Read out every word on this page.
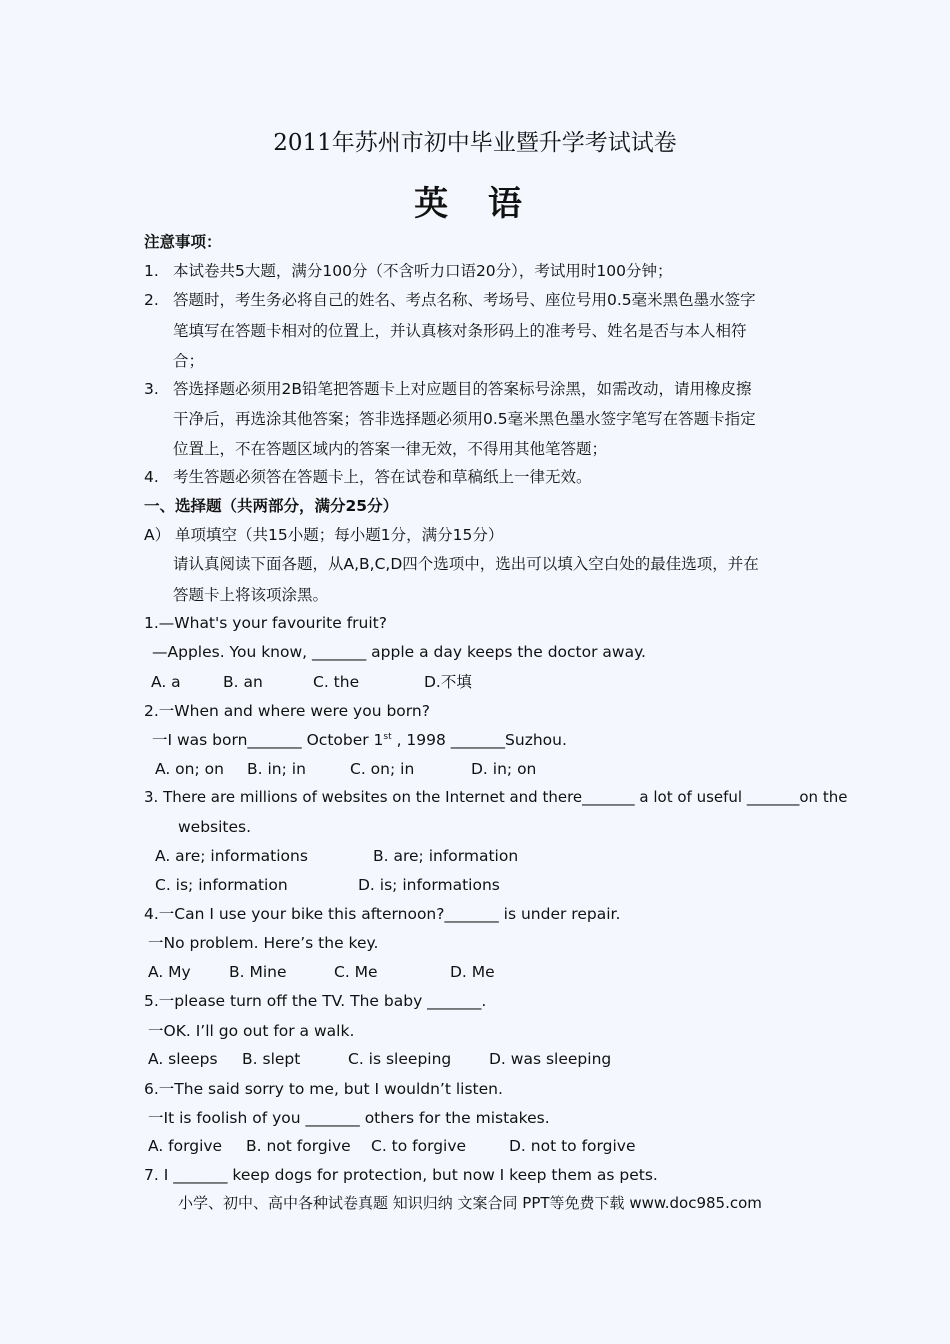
2011年苏州市初中毕业暨升学考试试卷
英 语
注意事项：
1. 本试卷共5大题，满分100分（不含听力口语20分），考试用时100分钟；
2. 答题时，考生务必将自己的姓名、考点名称、考场号、座位号用0.5毫米黑色墨水签字
笔填写在答题卡相对的位置上，并认真核对条形码上的准考号、姓名是否与本人相符
合；
3. 答选择题必须用2B铅笔把答题卡上对应题目的答案标号涂黑，如需改动，请用橡皮擦
干净后，再选涂其他答案；答非选择题必须用0.5毫米黑色墨水签字笔写在答题卡指定
位置上，不在答题区域内的答案一律无效，不得用其他笔答题；
4. 考生答题必须答在答题卡上，答在试卷和草稿纸上一律无效。
一、选择题（共两部分，满分25分）
A） 单项填空（共15小题；每小题1分，满分15分）
请认真阅读下面各题，从A,B,C,D四个选项中，选出可以填入空白处的最佳选项，并在
答题卡上将该项涂黑。
1.—What's your favourite fruit?
—Apples. You know, _______ apple a day keeps the doctor away.
A. a	B. an	C. the	D.不填
2.一When and where were you born?
一I was born_______ October 1st , 1998 _______Suzhou.
A. on; on B. in; in	C. on; in	D. in; on
3. There are millions of websites on the Internet and there_______ a lot of useful _______on the
websites.
A. are; informations	B. are; information
C. is; information	D. is; informations
4.一Can I use your bike this afternoon?_______ is under repair.
一No problem. Here’s the key.
A. My B. Mine	C. Me	D. Me
5.一please turn off the TV. The baby _______.
一OK. I’ll go out for a walk.
A. sleeps B. slept	C. is sleeping D. was sleeping
6.一The said sorry to me, but I wouldn’t listen.
一It is foolish of you _______ others for the mistakes.
A. forgive B. not forgive C. to forgive	D. not to forgive
7. I _______ keep dogs for protection, but now I keep them as pets.
小学、初中、高中各种试卷真题 知识归纳 文案合同 PPT等免费下载 www.doc985.com
